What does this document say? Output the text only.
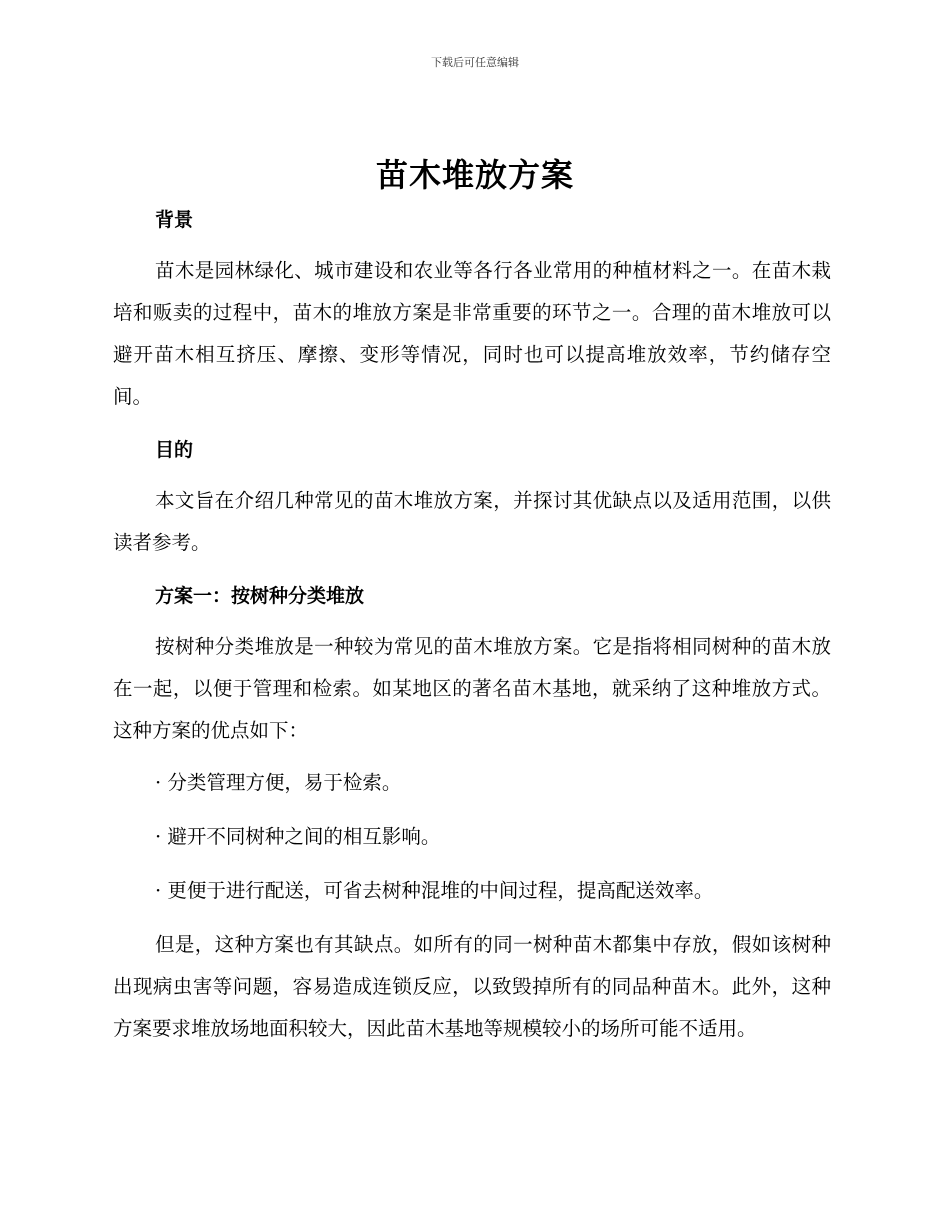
下载后可任意编辑
苗木堆放方案
背景

苗木是园林绿化、城市建设和农业等各行各业常用的种植材料之一。在苗木栽培和贩卖的过程中，苗木的堆放方案是非常重要的环节之一。合理的苗木堆放可以避开苗木相互挤压、摩擦、变形等情况，同时也可以提高堆放效率，节约储存空间。

目的

本文旨在介绍几种常见的苗木堆放方案，并探讨其优缺点以及适用范围，以供读者参考。

方案一：按树种分类堆放

按树种分类堆放是一种较为常见的苗木堆放方案。它是指将相同树种的苗木放在一起，以便于管理和检索。如某地区的著名苗木基地，就采纳了这种堆放方式。这种方案的优点如下：

· 分类管理方便，易于检索。
· 避开不同树种之间的相互影响。
· 更便于进行配送，可省去树种混堆的中间过程，提高配送效率。

但是，这种方案也有其缺点。如所有的同一树种苗木都集中存放，假如该树种出现病虫害等问题，容易造成连锁反应，以致毁掉所有的同品种苗木。此外，这种方案要求堆放场地面积较大，因此苗木基地等规模较小的场所可能不适用。
